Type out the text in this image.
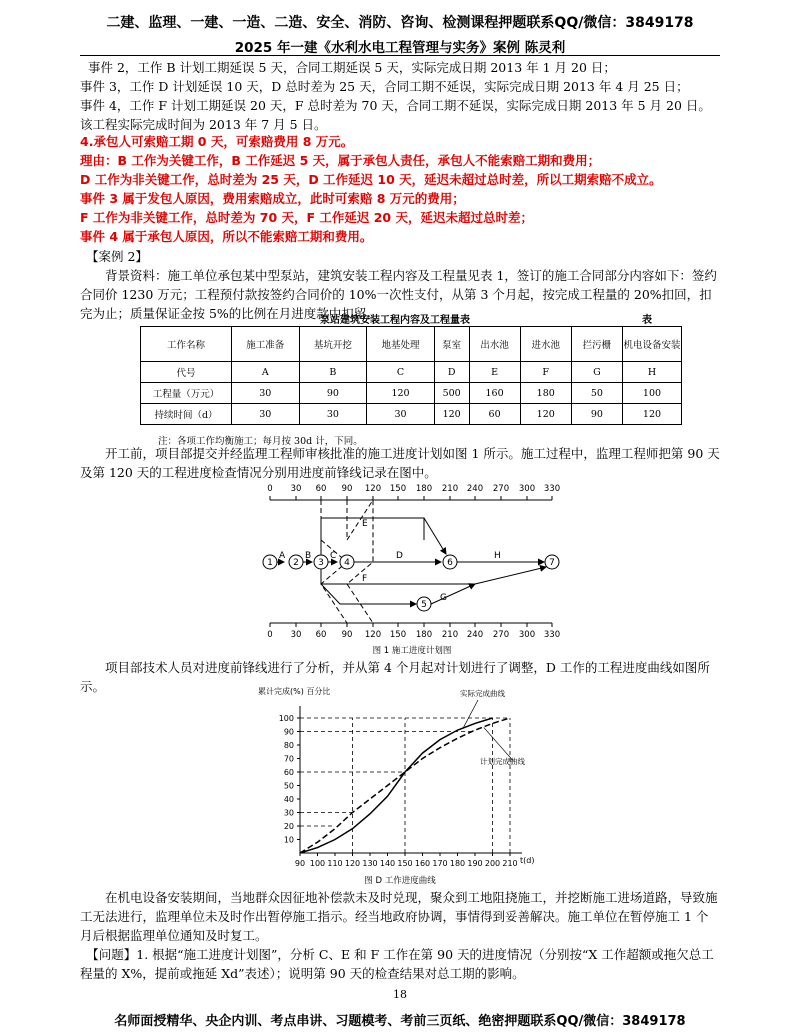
二建、监理、一建、一造、二造、安全、消防、咨询、检测课程押题联系QQ/微信：3849178
2025 年一建《水利水电工程管理与实务》案例 陈灵利
事件 2，工作 B 计划工期延误 5 天，合同工期延误 5 天，实际完成日期 2013 年 1 月 20 日；
事件 3，工作 D 计划延误 10 天，D 总时差为 25 天，合同工期不延误，实际完成日期 2013 年 4 月 25 日；
事件 4，工作 F 计划工期延误 20 天，F 总时差为 70 天，合同工期不延误，实际完成日期 2013 年 5 月 20 日。
该工程实际完成时间为 2013 年 7 月 5 日。
4.承包人可索赔工期 0 天，可索赔费用 8 万元。
理由：B 工作为关键工作，B 工作延迟 5 天，属于承包人责任，承包人不能索赔工期和费用；
D 工作为非关键工作，总时差为 25 天，D 工作延迟 10 天，延迟未超过总时差，所以工期索赔不成立。
事件 3 属于发包人原因，费用索赔成立，此时可索赔 8 万元的费用；
F 工作为非关键工作，总时差为 70 天，F 工作延迟 20 天，延迟未超过总时差；
事件 4 属于承包人原因，所以不能索赔工期和费用。
【案例 2】

背景资料：施工单位承包某中型泵站，建筑安装工程内容及工程量见表 1，签订的施工合同部分内容如下：签约合同价 1230 万元；工程预付款按签约合同价的 10%一次性支付，从第 3 个月起，按完成工程量的 20%扣回，扣完为止；质量保证金按 5%的比例在月进度款中扣留。

泵站建筑安装工程内容及工程量表	表
工作名称	施工准备	基坑开挖	地基处理	泵室	出水池	进水池	拦污栅	机电设备安装
代号	A	B	C	D	E	F	G	H
工程量（万元）	30	90	120	500	160	180	50	100
持续时间（d）	30	30	30	120	60	120	90	120
注：各项工作均衡施工；每月按 30d 计，下同。

开工前，项目部提交并经监理工程师审核批准的施工进度计划如图 1 所示。施工过程中，监理工程师把第 90 天及第 120 天的工程进度检查情况分别用进度前锋线记录在图中。

0 30 60 90 120 150 180 210 240 270 300 330
0 30 60 90 120 150 180 210 240 270 300 330
1 2 3 4
5
6	7
A B C	D
E
F
G
H
图 1 施工进度计划图

项目部技术人员对进度前锋线进行了分析，并从第 4 个月起对计划进行了调整，D 工作的工程进度曲线如图所示。	累计完成(%) 百分比
t(d)
图 D 工作进度曲线
实际完成曲线
计划完成曲线
90 100 110 120 130 140 150 160 170 180 190 200 210
10
20
30
40
50
60
70
80
90
100

在机电设备安装期间，当地群众因征地补偿款未及时兑现，聚众到工地阻挠施工，并挖断施工进场道路，导致施工无法进行，监理单位未及时作出暂停施工指示。经当地政府协调，事情得到妥善解决。施工单位在暂停施工 1 个月后根据监理单位通知及时复工。

【问题】1. 根据“施工进度计划图”，分析 C、E 和 F 工作在第 90 天的进度情况（分别按“X 工作超额或拖欠总工程量的 X%，提前或拖延 Xd”表述）；说明第 90 天的检查结果对总工期的影响。

18
名师面授精华、央企内训、考点串讲、习题模考、考前三页纸、绝密押题联系QQ/微信：3849178
